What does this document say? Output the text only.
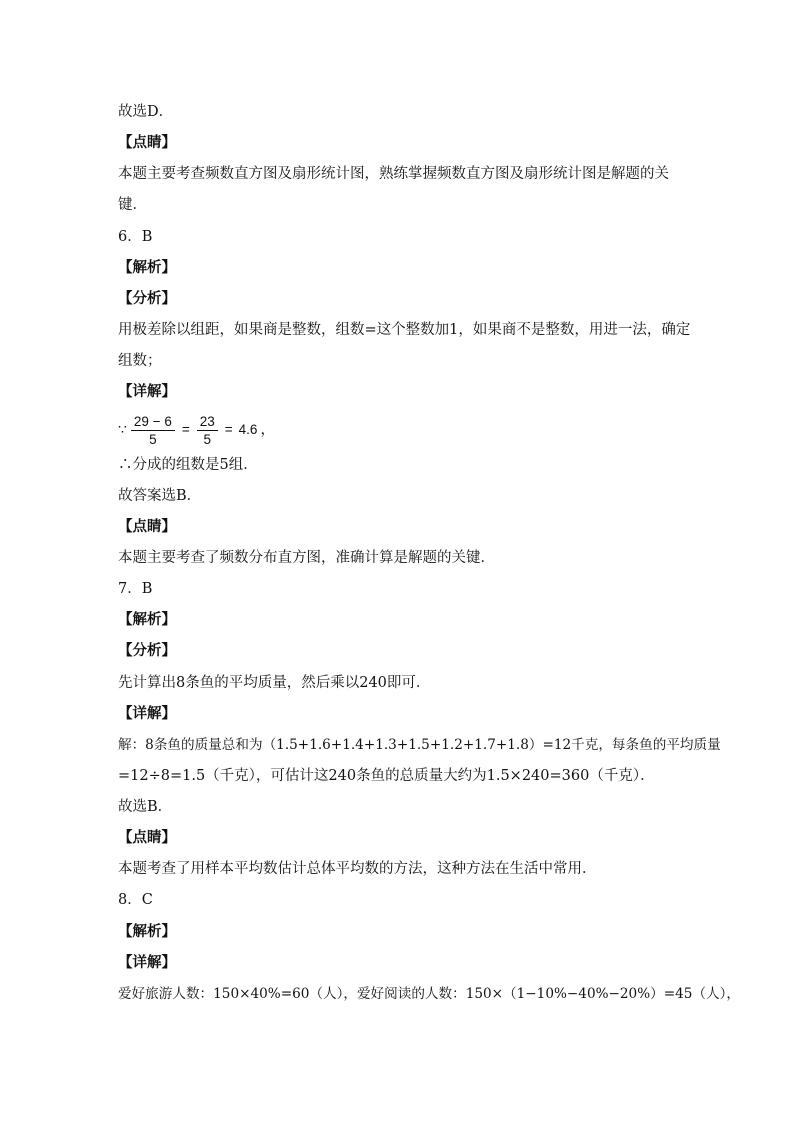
故选D．
【点睛】
本题主要考查频数直方图及扇形统计图，熟练掌握频数直方图及扇形统计图是解题的关
键．
6．B
【解析】
【分析】
用极差除以组距，如果商是整数，组数=这个整数加1，如果商不是整数，用进一法，确定
组数；
【详解】
∵ $\frac{29 - 6}{5} = \frac{23}{5} = 4.6$ ，
∴分成的组数是5组．
故答案选B．
【点睛】
本题主要考查了频数分布直方图，准确计算是解题的关键．
7．B
【解析】
【分析】
先计算出8条鱼的平均质量，然后乘以240即可．
【详解】
解：8条鱼的质量总和为（1.5+1.6+1.4+1.3+1.5+1.2+1.7+1.8）=12千克，每条鱼的平均质量
=12÷8=1.5（千克），可估计这240条鱼的总质量大约为1.5×240=360（千克）．
故选B．
【点睛】
本题考查了用样本平均数估计总体平均数的方法，这种方法在生活中常用．
8．C
【解析】
【详解】
爱好旅游人数：150×40%=60（人），爱好阅读的人数：150×（1−10%−40%−20%）=45（人），
